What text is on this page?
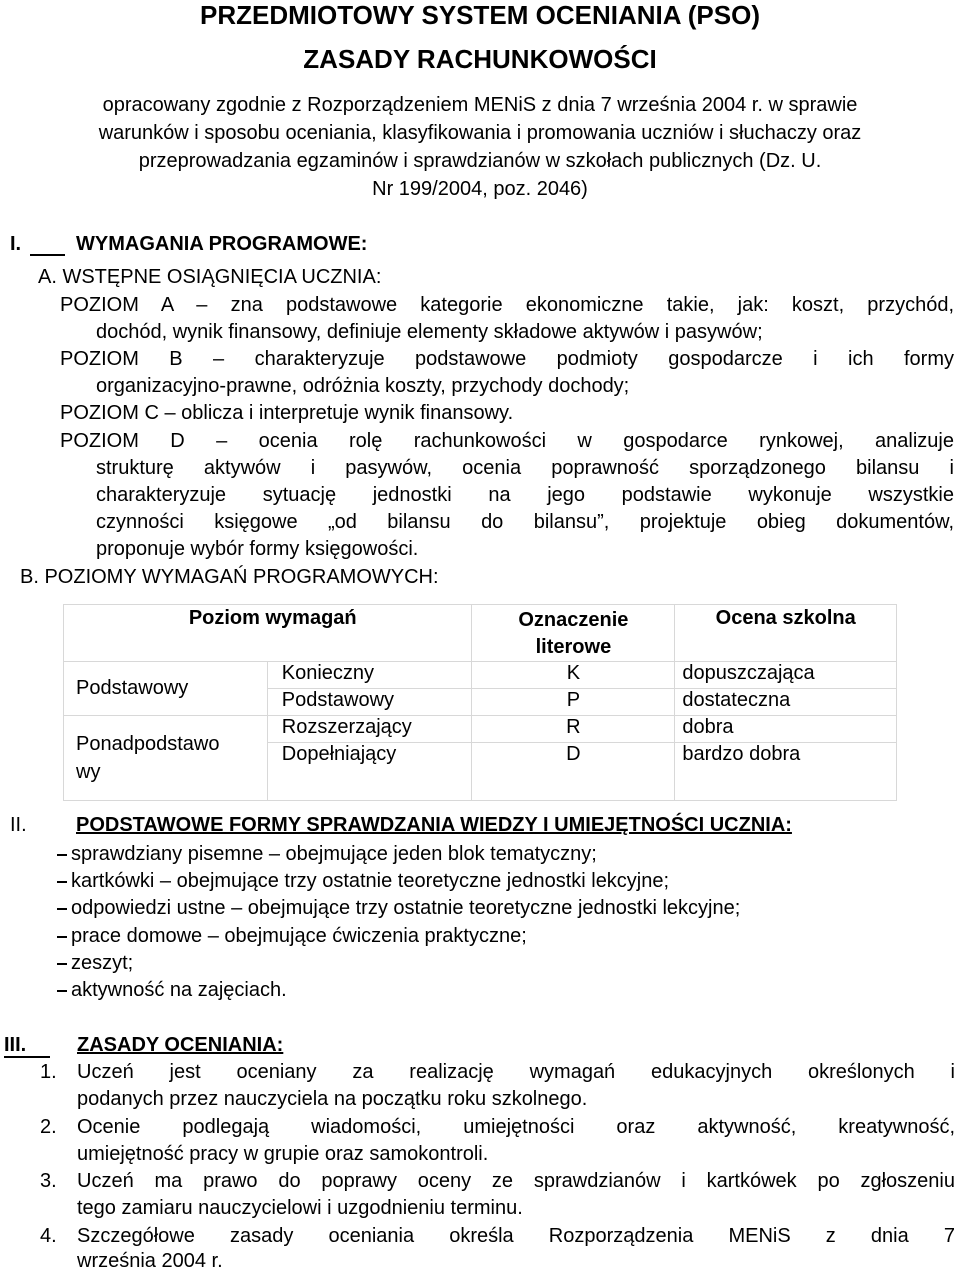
PRZEDMIOTOWY SYSTEM OCENIANIA (PSO)
ZASADY RACHUNKOWOŚCI
opracowany zgodnie z Rozporządzeniem MENiS z dnia 7 września 2004 r. w sprawie
warunków i sposobu oceniania, klasyfikowania i promowania uczniów i słuchaczy oraz
przeprowadzania egzaminów i sprawdzianów w szkołach publicznych (Dz. U.
Nr 199/2004, poz. 2046)
I.	WYMAGANIA PROGRAMOWE:
A. WSTĘPNE OSIĄGNIĘCIA UCZNIA:
POZIOM A – zna podstawowe kategorie ekonomiczne takie, jak: koszt, przychód,
dochód, wynik finansowy, definiuje elementy składowe aktywów i pasywów;
POZIOM B – charakteryzuje podstawowe podmioty gospodarcze i ich formy
organizacyjno-prawne, odróżnia koszty, przychody dochody;
POZIOM C – oblicza i interpretuje wynik finansowy.
POZIOM D – ocenia rolę rachunkowości w gospodarce rynkowej, analizuje
strukturę aktywów i pasywów, ocenia poprawność sporządzonego bilansu i
charakteryzuje sytuację jednostki na jego podstawie wykonuje wszystkie
czynności księgowe „od bilansu do bilansu”, projektuje obieg dokumentów,
proponuje wybór formy księgowości.
B. POZIOMY WYMAGAŃ PROGRAMOWYCH:
Poziom wymagań		Oznaczenie literowe	Ocena szkolna
Podstawowy	Konieczny	K	dopuszczająca
	Podstawowy	P	dostateczna

Ponadpodstawo
wy	Rozszerzający	R	dobra
	Dopełniający	D	bardzo dobra
II. PODSTAWOWE FORMY SPRAWDZANIA WIEDZY I UMIEJĘTNOŚCI UCZNIA:
sprawdziany pisemne – obejmujące jeden blok tematyczny;
kartkówki – obejmujące trzy ostatnie teoretyczne jednostki lekcyjne;
odpowiedzi ustne – obejmujące trzy ostatnie teoretyczne jednostki lekcyjne;
prace domowe – obejmujące ćwiczenia praktyczne;
zeszyt;
aktywność na zajęciach.
III.	ZASADY OCENIANIA:
1. Uczeń jest oceniany za realizację wymagań edukacyjnych określonych i
podanych przez nauczyciela na początku roku szkolnego.
2. Ocenie podlegają wiadomości, umiejętności oraz aktywność, kreatywność,
umiejętność pracy w grupie oraz samokontroli.
3. Uczeń ma prawo do poprawy oceny ze sprawdzianów i kartkówek po zgłoszeniu
tego zamiaru nauczycielowi i uzgodnieniu terminu.
4. Szczegółowe zasady oceniania określa Rozporządzenia MENiS z dnia 7
września 2004 r.
